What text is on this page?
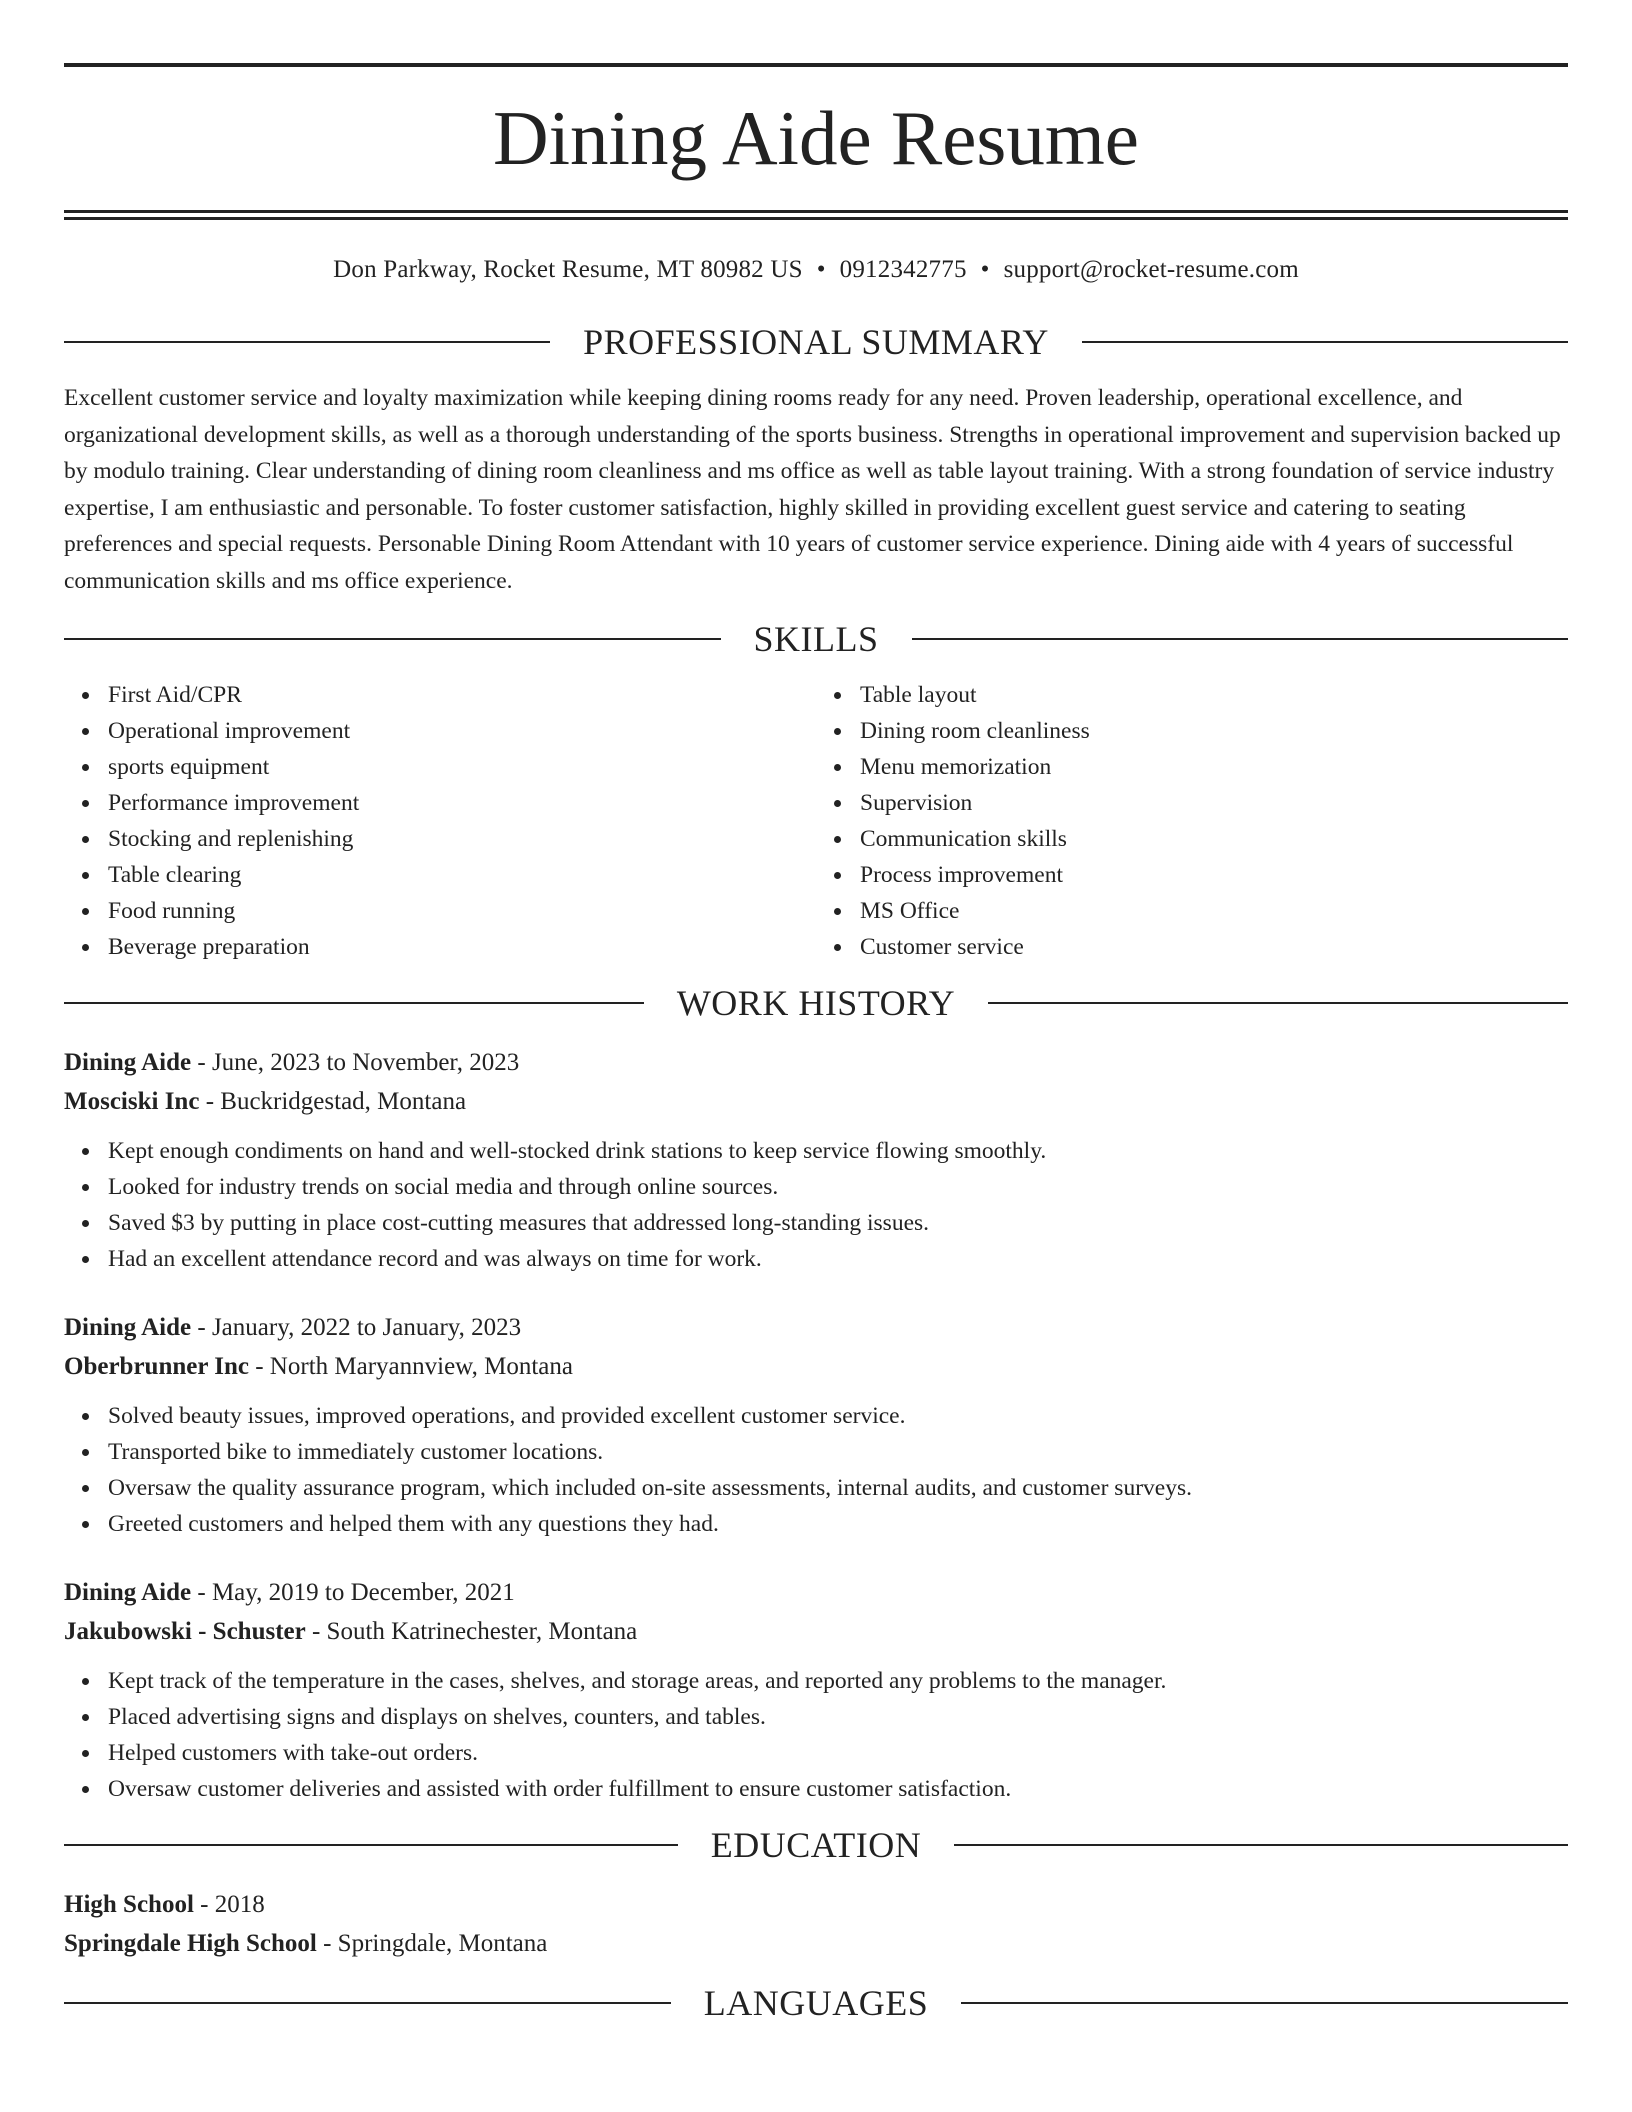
Dining Aide Resume
Don Parkway, Rocket Resume, MT 80982 US • 0912342775 • support@rocket-resume.com
PROFESSIONAL SUMMARY

Excellent customer service and loyalty maximization while keeping dining rooms ready for any need. Proven leadership, operational excellence, and organizational development skills, as well as a thorough understanding of the sports business. Strengths in operational improvement and supervision backed up by modulo training. Clear understanding of dining room cleanliness and ms office as well as table layout training. With a strong foundation of service industry expertise, I am enthusiastic and personable. To foster customer satisfaction, highly skilled in providing excellent guest service and catering to seating preferences and special requests. Personable Dining Room Attendant with 10 years of customer service experience. Dining aide with 4 years of successful communication skills and ms office experience.

SKILLS
First Aid/CPR
Operational improvement
sports equipment
Performance improvement
Stocking and replenishing
Table clearing
Food running
Beverage preparation
Table layout
Dining room cleanliness
Menu memorization
Supervision
Communication skills
Process improvement
MS Office
Customer service
WORK HISTORY
Dining Aide - June, 2023 to November, 2023
Mosciski Inc - Buckridgestad, Montana
Kept enough condiments on hand and well-stocked drink stations to keep service flowing smoothly.
Looked for industry trends on social media and through online sources.
Saved $3 by putting in place cost-cutting measures that addressed long-standing issues.
Had an excellent attendance record and was always on time for work.
Dining Aide - January, 2022 to January, 2023
Oberbrunner Inc - North Maryannview, Montana
Solved beauty issues, improved operations, and provided excellent customer service.
Transported bike to immediately customer locations.
Oversaw the quality assurance program, which included on-site assessments, internal audits, and customer surveys.
Greeted customers and helped them with any questions they had.
Dining Aide - May, 2019 to December, 2021
Jakubowski - Schuster - South Katrinechester, Montana
Kept track of the temperature in the cases, shelves, and storage areas, and reported any problems to the manager.
Placed advertising signs and displays on shelves, counters, and tables.
Helped customers with take-out orders.
Oversaw customer deliveries and assisted with order fulfillment to ensure customer satisfaction.
EDUCATION
High School - 2018
Springdale High School - Springdale, Montana
LANGUAGES
